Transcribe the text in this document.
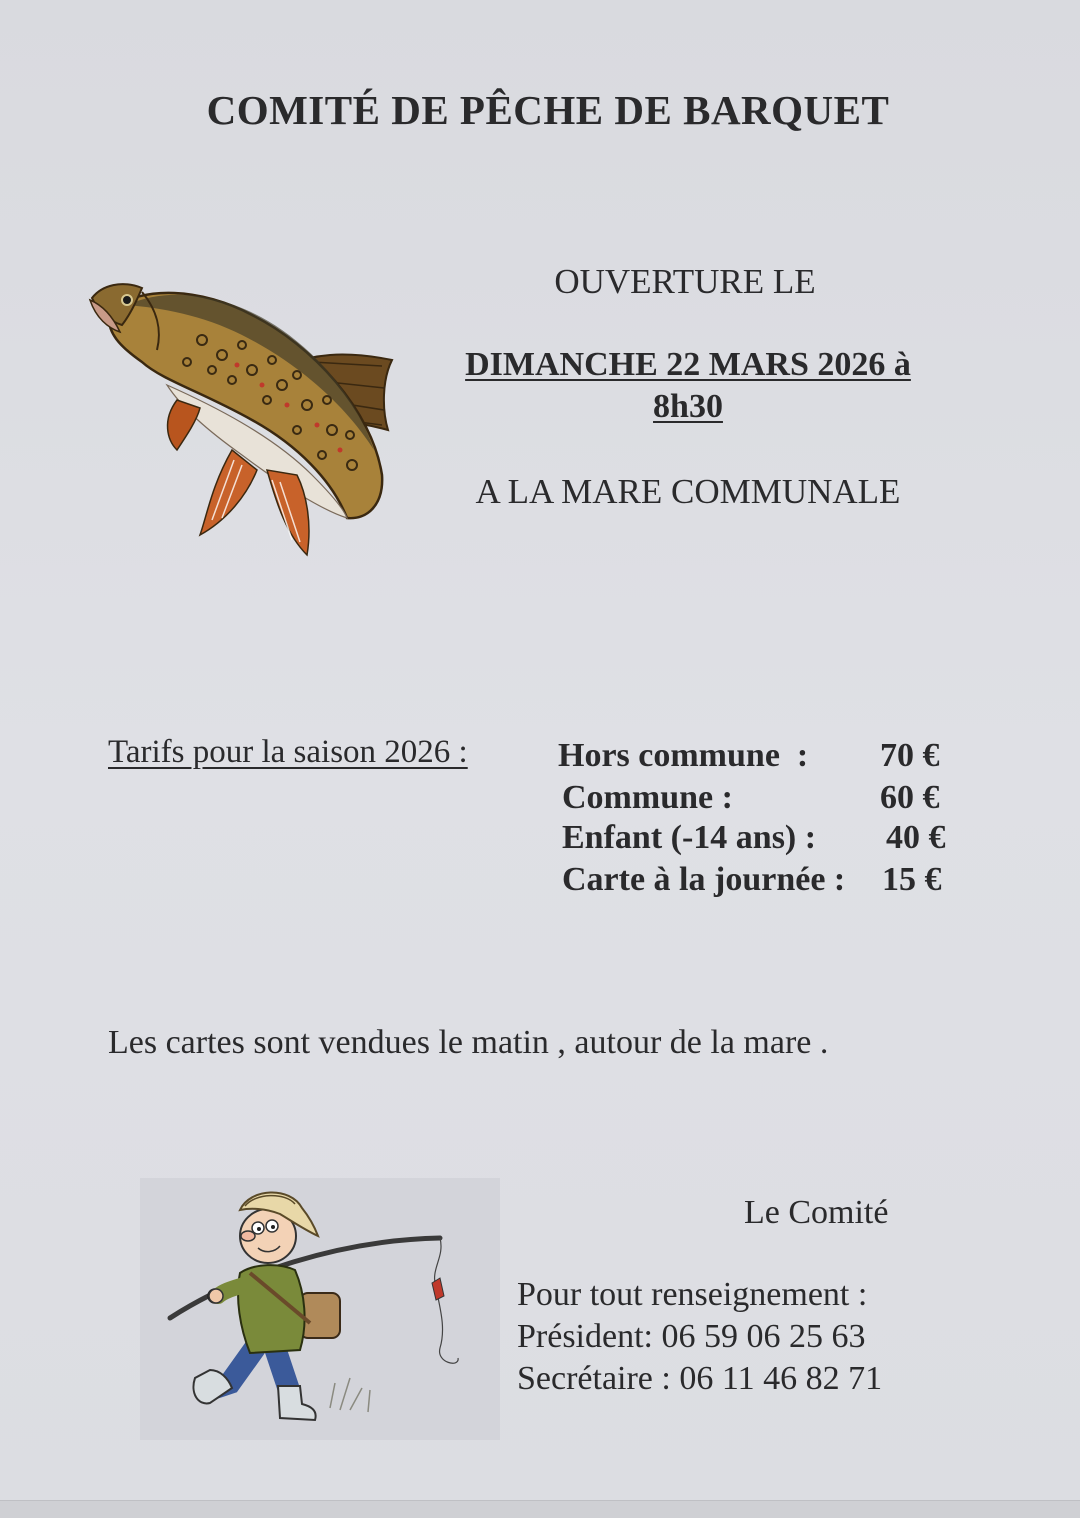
COMITÉ DE PÊCHE DE BARQUET
OUVERTURE LE
DIMANCHE 22 MARS 2026 à
8h30
A LA MARE COMMUNALE
Tarifs pour la saison 2026 :	Hors commune  : 70 €
Commune :	60 €
Enfant (-14 ans) : 40 €
Carte à la journée : 15 €
Les cartes sont vendues le matin , autour de la mare .
Le Comité
Pour tout renseignement :
Président: 06 59 06 25 63
Secrétaire : 06 11 46 82 71
